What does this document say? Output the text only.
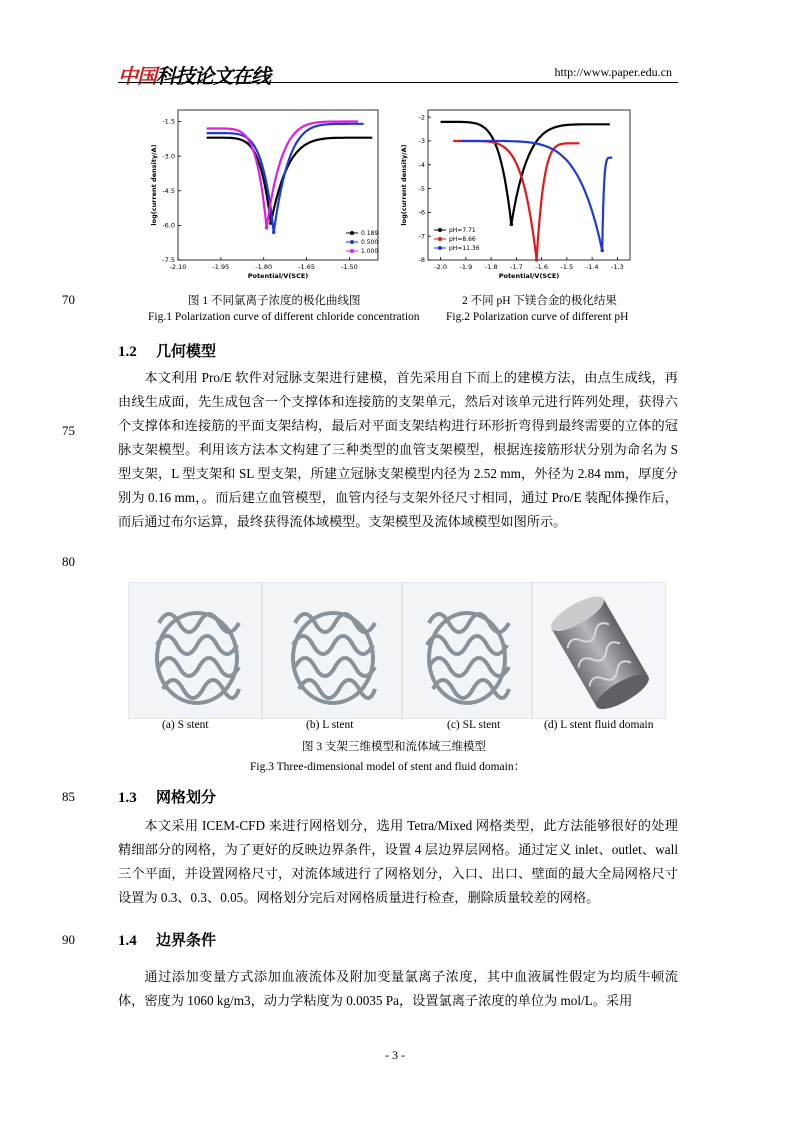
中国科技论文在线	http://www.paper.edu.cn
-2.10	-1.95	-1.80	-1.65	-1.50
-1.5
-3.0
-4.5
-6.0
-7.5
Potential/V(SCE)
log(current density/A)
0.189
0.500
1.000
-2.0 -1.9 -1.8 -1.7 -1.6 -1.5 -1.4 -1.3
-2
-3
-4
-5
-6
-7
-8
Potential/V(SCE)
log(current density/A)
pH=7.71
pH=8.66
pH=11.36
70	图 1 不同氯离子浓度的极化曲线图	2 不同 pH 下镁合金的极化结果
Fig.1 Polarization curve of different chloride concentration Fig.2 Polarization curve of different pH
1.2 几何模型

本文利用 Pro/E 软件对冠脉支架进行建模，首先采用自下而上的建模方法，由点生成线，再由线生成面，先生成包含一个支撑体和连接筋的支架单元，然后对该单元进行阵列处理，获得六个支撑体和连接筋的平面支架结构，最后对平面支架结构进行环形折弯得到最终需要的立体的冠脉支架模型。利用该方法本文构建了三种类型的血管支架模型，根据连接筋形状分别为命名为 S 型支架，L 型支架和 SL 型支架，所建立冠脉支架模型内径为 2.52 mm，外径为 2.84 mm，厚度分别为 0.16 mm，。而后建立血管模型，血管内径与支架外径尺寸相同，通过 Pro/E 装配体操作后，而后通过布尔运算，最终获得流体域模型。支架模型及流体域模型如图所示。

75
80
(a) S stent	(b) L stent	(c) SL stent	(d) L stent fluid domain
图 3 支架三维模型和流体域三维模型
Fig.3 Three-dimensional model of stent and fluid domain：
85	1.3 网格划分

本文采用 ICEM-CFD 来进行网格划分，选用 Tetra/Mixed 网格类型，此方法能够很好的处理精细部分的网格，为了更好的反映边界条件，设置 4 层边界层网格。通过定义 inlet、outlet、wall 三个平面，并设置网格尺寸，对流体域进行了网格划分，入口、出口、壁面的最大全局网格尺寸设置为 0.3、0.3、0.05。网格划分完后对网格质量进行检查，删除质量较差的网格。

90	1.4 边界条件

通过添加变量方式添加血液流体及附加变量氯离子浓度，其中血液属性假定为均质牛顿流体，密度为 1060 kg/m3，动力学粘度为 0.0035 Pa，设置氯离子浓度的单位为 mol/L。采用

- 3 -
